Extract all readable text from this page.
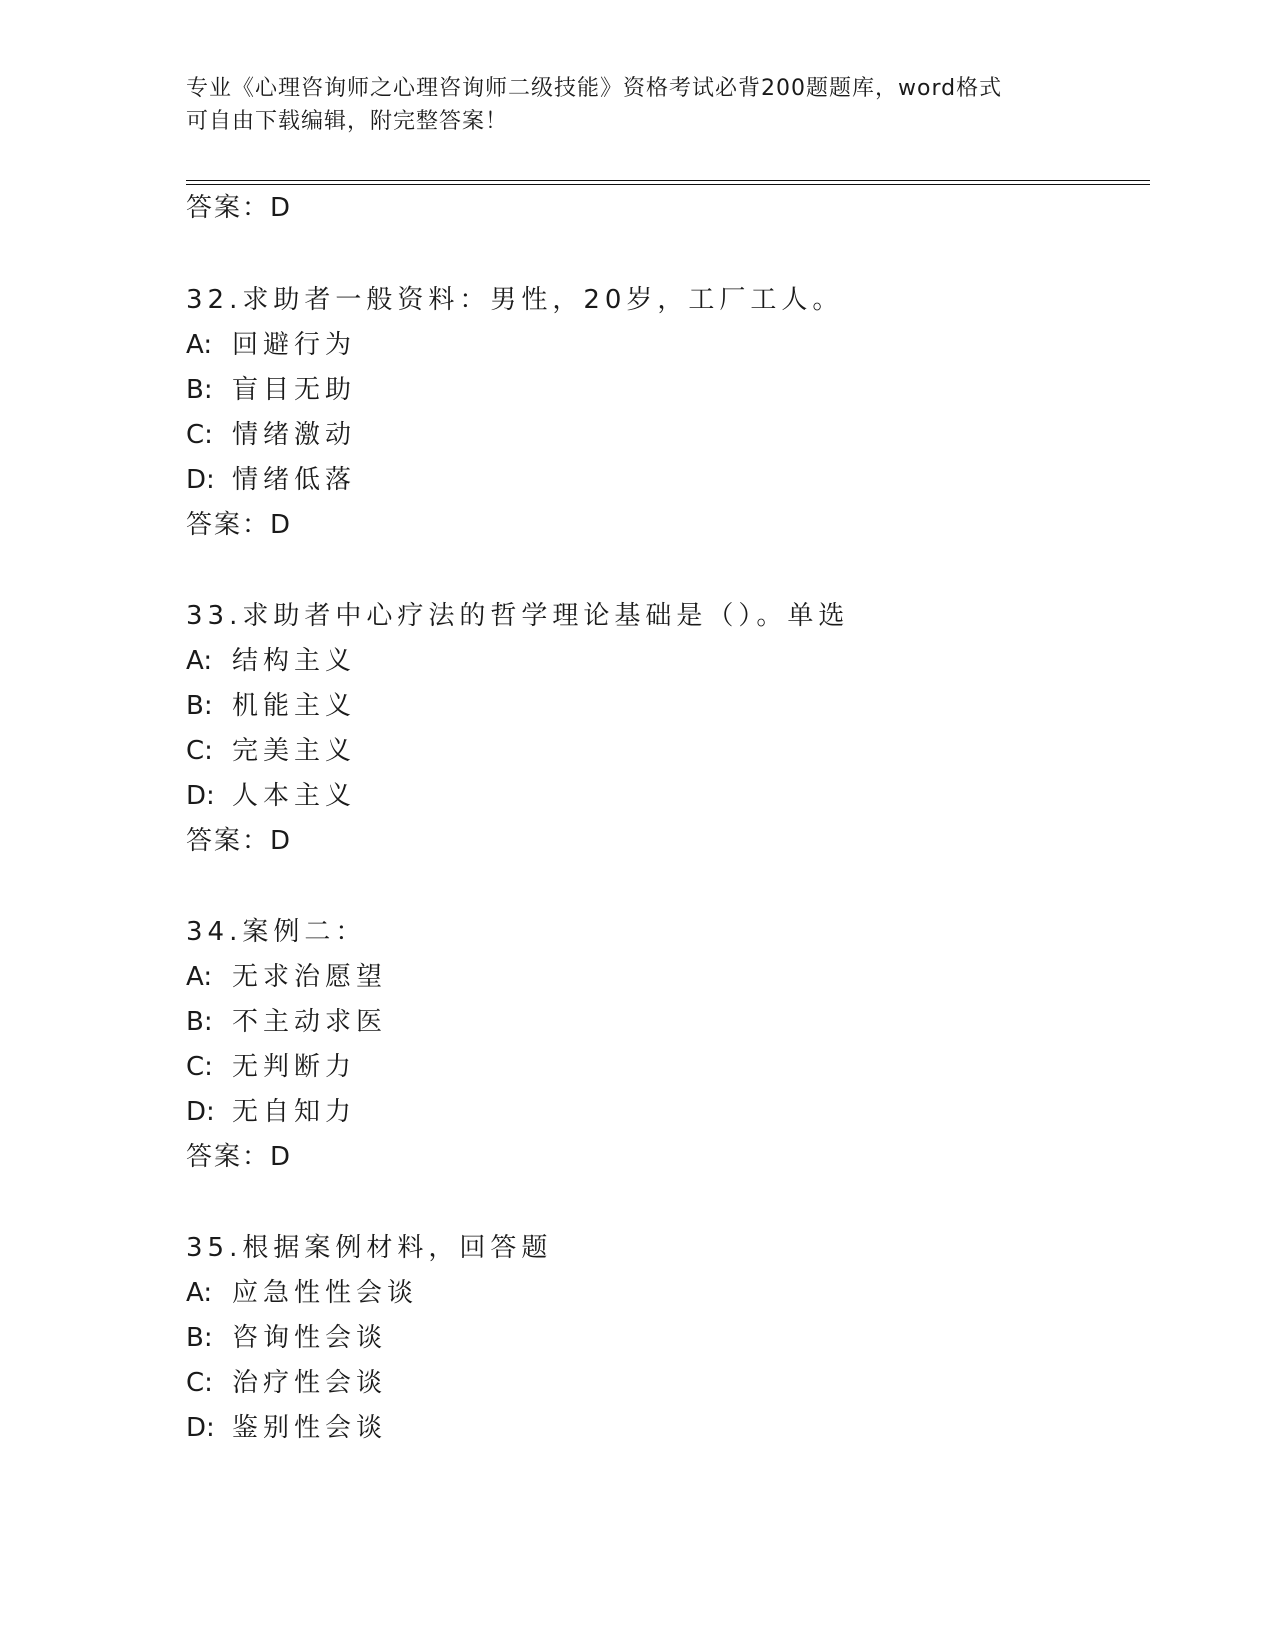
专业《心理咨询师之心理咨询师二级技能》资格考试必背200题题库，word格式
可自由下载编辑，附完整答案！
答案：D
32.求助者一般资料：男性，20岁，工厂工人。
A: 回避行为
B: 盲目无助
C: 情绪激动
D: 情绪低落
答案：D
33.求助者中心疗法的哲学理论基础是（）。单选
A: 结构主义
B: 机能主义
C: 完美主义
D: 人本主义
答案：D
34.案例二：
A: 无求治愿望
B: 不主动求医
C: 无判断力
D: 无自知力
答案：D
35.根据案例材料，回答题
A: 应急性性会谈
B: 咨询性会谈
C: 治疗性会谈
D: 鉴别性会谈
